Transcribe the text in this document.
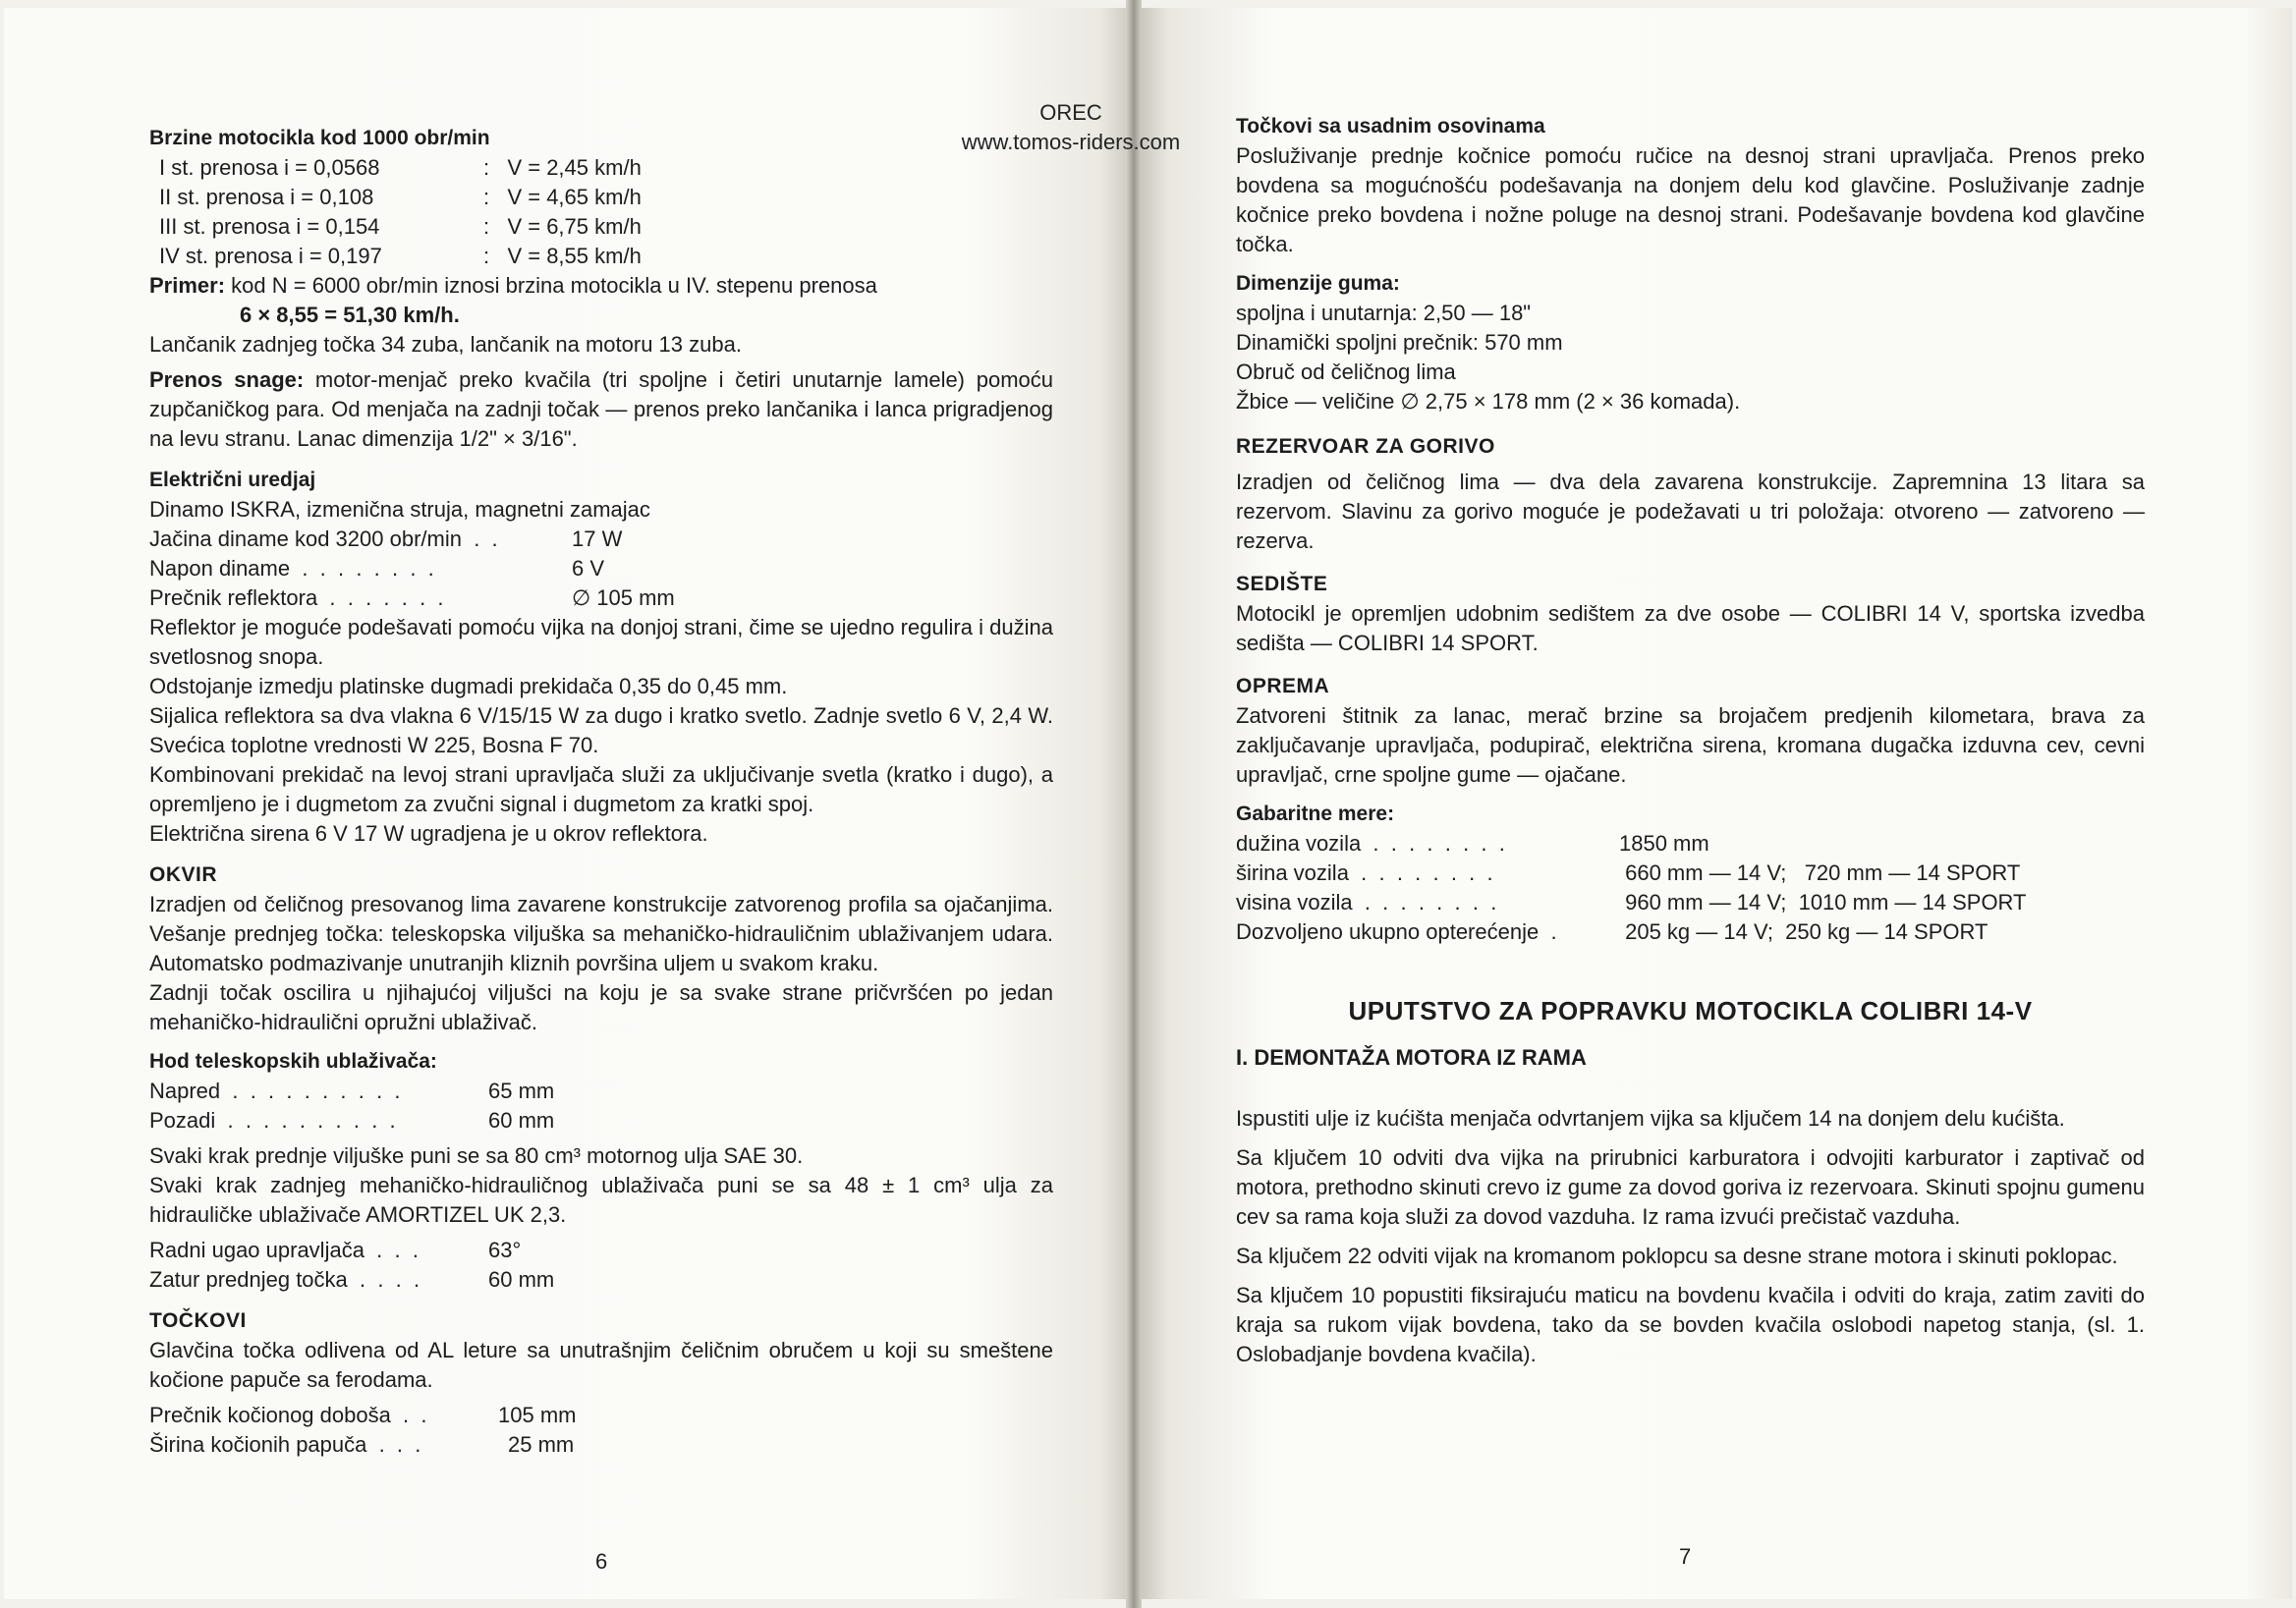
OREC
www.tomos-riders.com
Brzine motocikla kod 1000 obr/min
I st. prenosa i = 0,0568	:   V = 2,45 km/h
II st. prenosa i = 0,108	:   V = 4,65 km/h
III st. prenosa i = 0,154	:   V = 6,75 km/h
IV st. prenosa i = 0,197	:   V = 8,55 km/h
Primer: kod N = 6000 obr/min iznosi brzina motocikla u IV. stepenu prenosa
6 × 8,55 = 51,30 km/h.
Lančanik zadnjeg točka 34 zuba, lančanik na motoru 13 zuba.
Prenos snage: motor-menjač preko kvačila (tri spoljne i četiri unutarnje lamele) pomoću zupčaničkog para. Od menjača na zadnji točak — prenos preko lančanika i lanca prigradjenog na levu stranu. Lanac dimenzija 1/2" × 3/16".
Električni uredjaj
Dinamo ISKRA, izmenična struja, magnetni zamajac
Jačina diname kod 3200 obr/min  .  .	17 W
Napon diname  .  .  .  .  .  .  .  .	6 V
Prečnik reflektora  .  .  .  .  .  .  .	∅ 105 mm
Reflektor je moguće podešavati pomoću vijka na donjoj strani, čime se ujedno regulira i dužina svetlosnog snopa.
Odstojanje izmedju platinske dugmadi prekidača 0,35 do 0,45 mm.
Sijalica reflektora sa dva vlakna 6 V/15/15 W za dugo i kratko svetlo. Zadnje svetlo 6 V, 2,4 W. Svećica toplotne vrednosti W 225, Bosna F 70.
Kombinovani prekidač na levoj strani upravljača služi za uključivanje svetla (kratko i dugo), a opremljeno je i dugmetom za zvučni signal i dugmetom za kratki spoj.
Električna sirena 6 V 17 W ugradjena je u okrov reflektora.
OKVIR
Izradjen od čeličnog presovanog lima zavarene konstrukcije zatvorenog profila sa ojačanjima. Vešanje prednjeg točka: teleskopska viljuška sa mehaničko-hidrauličnim ublaživanjem udara. Automatsko podmazivanje unutranjih kliznih površina uljem u svakom kraku.
Zadnji točak oscilira u njihajućoj viljušci na koju je sa svake strane pričvršćen po jedan mehaničko-hidraulični opružni ublaživač.
Hod teleskopskih ublaživača:
Napred  .  .  .  .  .  .  .  .  .  .	65 mm
Pozadi  .  .  .  .  .  .  .  .  .  .	60 mm
Svaki krak prednje viljuške puni se sa 80 cm³ motornog ulja SAE 30.
Svaki krak zadnjeg mehaničko-hidrauličnog ublaživača puni se sa 48 ± 1 cm³ ulja za hidrauličke ublaživače AMORTIZEL UK 2,3.
Radni ugao upravljača  .  .  .	63°
Zatur prednjeg točka  .  .  .  .	60 mm
TOČKOVI
Glavčina točka odlivena od AL leture sa unutrašnjim čeličnim obručem u koji su smeštene kočione papuče sa ferodama.
Prečnik kočionog doboša  .  .	105 mm
Širina kočionih papuča  .  .  .	25 mm
6
Točkovi sa usadnim osovinama
Posluživanje prednje kočnice pomoću ručice na desnoj strani upravljača. Prenos preko bovdena sa mogućnošću podešavanja na donjem delu kod glavčine. Posluživanje zadnje kočnice preko bovdena i nožne poluge na desnoj strani. Podešavanje bovdena kod glavčine točka.
Dimenzije guma:
spoljna i unutarnja: 2,50 — 18"
Dinamički spoljni prečnik: 570 mm
Obruč od čeličnog lima
Žbice — veličine ∅ 2,75 × 178 mm (2 × 36 komada).
REZERVOAR ZA GORIVO
Izradjen od čeličnog lima — dva dela zavarena konstrukcije. Zapremnina 13 litara sa rezervom. Slavinu za gorivo moguće je podežavati u tri položaja: otvoreno — zatvoreno — rezerva.
SEDIŠTE
Motocikl je opremljen udobnim sedištem za dve osobe — COLIBRI 14 V, sportska izvedba sedišta — COLIBRI 14 SPORT.
OPREMA
Zatvoreni štitnik za lanac, merač brzine sa brojačem predjenih kilometara, brava za zaključavanje upravljača, podupirač, električna sirena, kromana dugačka izduvna cev, cevni upravljač, crne spoljne gume — ojačane.
Gabaritne mere:
dužina vozila  .  .  .  .  .  .  .  .	1850 mm
širina vozila  .  .  .  .  .  .  .  .	660 mm — 14 V;   720 mm — 14 SPORT
visina vozila  .  .  .  .  .  .  .  .	960 mm — 14 V;  1010 mm — 14 SPORT
Dozvoljeno ukupno opterećenje  .	205 kg — 14 V;  250 kg — 14 SPORT
UPUTSTVO ZA POPRAVKU MOTOCIKLA COLIBRI 14-V
I. DEMONTAŽA MOTORA IZ RAMA
Ispustiti ulje iz kućišta menjača odvrtanjem vijka sa ključem 14 na donjem delu kućišta.
Sa ključem 10 odviti dva vijka na prirubnici karburatora i odvojiti karburator i zaptivač od motora, prethodno skinuti crevo iz gume za dovod goriva iz rezervoara. Skinuti spojnu gumenu cev sa rama koja služi za dovod vazduha. Iz rama izvući prečistač vazduha.
Sa ključem 22 odviti vijak na kromanom poklopcu sa desne strane motora i skinuti poklopac.
Sa ključem 10 popustiti fiksirajuću maticu na bovdenu kvačila i odviti do kraja, zatim zaviti do kraja sa rukom vijak bovdena, tako da se bovden kvačila oslobodi napetog stanja, (sl. 1. Oslobadjanje bovdena kvačila).
7
